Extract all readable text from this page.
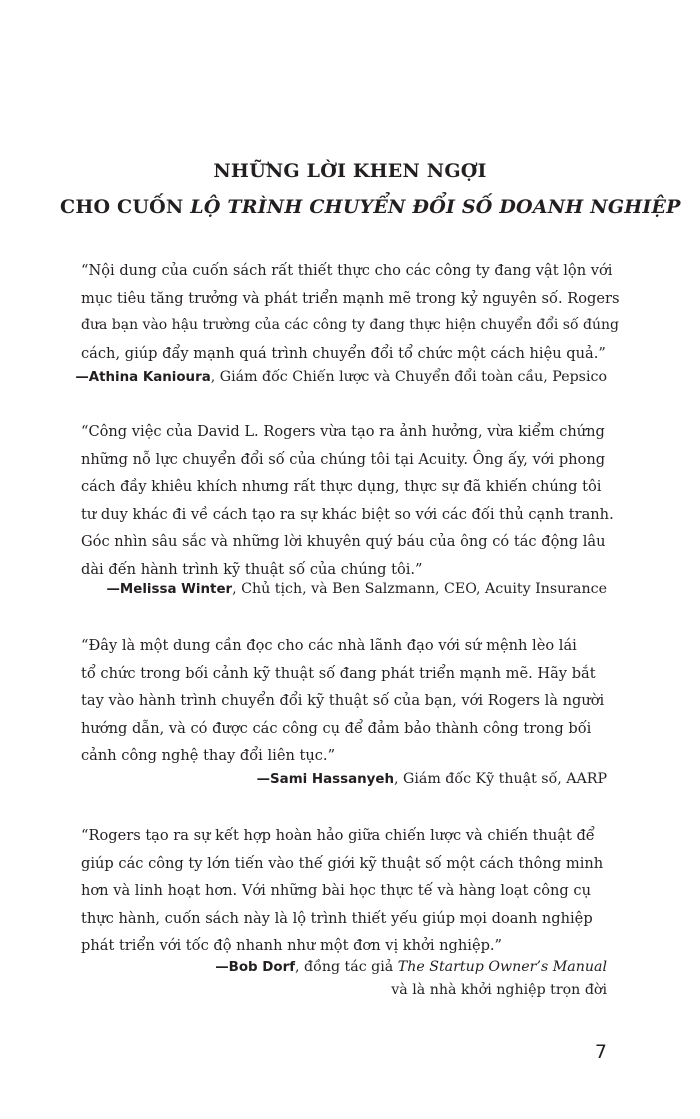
NHỮNG LỜI KHEN NGỢI
CHO CUỐN LỘ TRÌNH CHUYỂN ĐỔI SỐ DOANH NGHIỆP
“Nội dung của cuốn sách rất thiết thực cho các công ty đang vật lộn với
mục tiêu tăng trưởng và phát triển mạnh mẽ trong kỷ nguyên số. Rogers
đưa bạn vào hậu trường của các công ty đang thực hiện chuyển đổi số đúng
cách, giúp đẩy mạnh quá trình chuyển đổi tổ chức một cách hiệu quả.”
—Athina Kanioura, Giám đốc Chiến lược và Chuyển đổi toàn cầu, Pepsico
“Công việc của David L. Rogers vừa tạo ra ảnh hưởng, vừa kiểm chứng
những nỗ lực chuyển đổi số của chúng tôi tại Acuity. Ông ấy, với phong
cách đầy khiêu khích nhưng rất thực dụng, thực sự đã khiến chúng tôi
tư duy khác đi về cách tạo ra sự khác biệt so với các đối thủ cạnh tranh.
Góc nhìn sâu sắc và những lời khuyên quý báu của ông có tác động lâu
dài đến hành trình kỹ thuật số của chúng tôi.”
—Melissa Winter, Chủ tịch, và Ben Salzmann, CEO, Acuity Insurance
“Đây là một dung cần đọc cho các nhà lãnh đạo với sứ mệnh lèo lái
tổ chức trong bối cảnh kỹ thuật số đang phát triển mạnh mẽ. Hãy bắt
tay vào hành trình chuyển đổi kỹ thuật số của bạn, với Rogers là người
hướng dẫn, và có được các công cụ để đảm bảo thành công trong bối
cảnh công nghệ thay đổi liên tục.”
—Sami Hassanyeh, Giám đốc Kỹ thuật số, AARP
“Rogers tạo ra sự kết hợp hoàn hảo giữa chiến lược và chiến thuật để
giúp các công ty lớn tiến vào thế giới kỹ thuật số một cách thông minh
hơn và linh hoạt hơn. Với những bài học thực tế và hàng loạt công cụ
thực hành, cuốn sách này là lộ trình thiết yếu giúp mọi doanh nghiệp
phát triển với tốc độ nhanh như một đơn vị khởi nghiệp.”
—Bob Dorf, đồng tác giả The Startup Owner’s Manual
và là nhà khởi nghiệp trọn đời
7
